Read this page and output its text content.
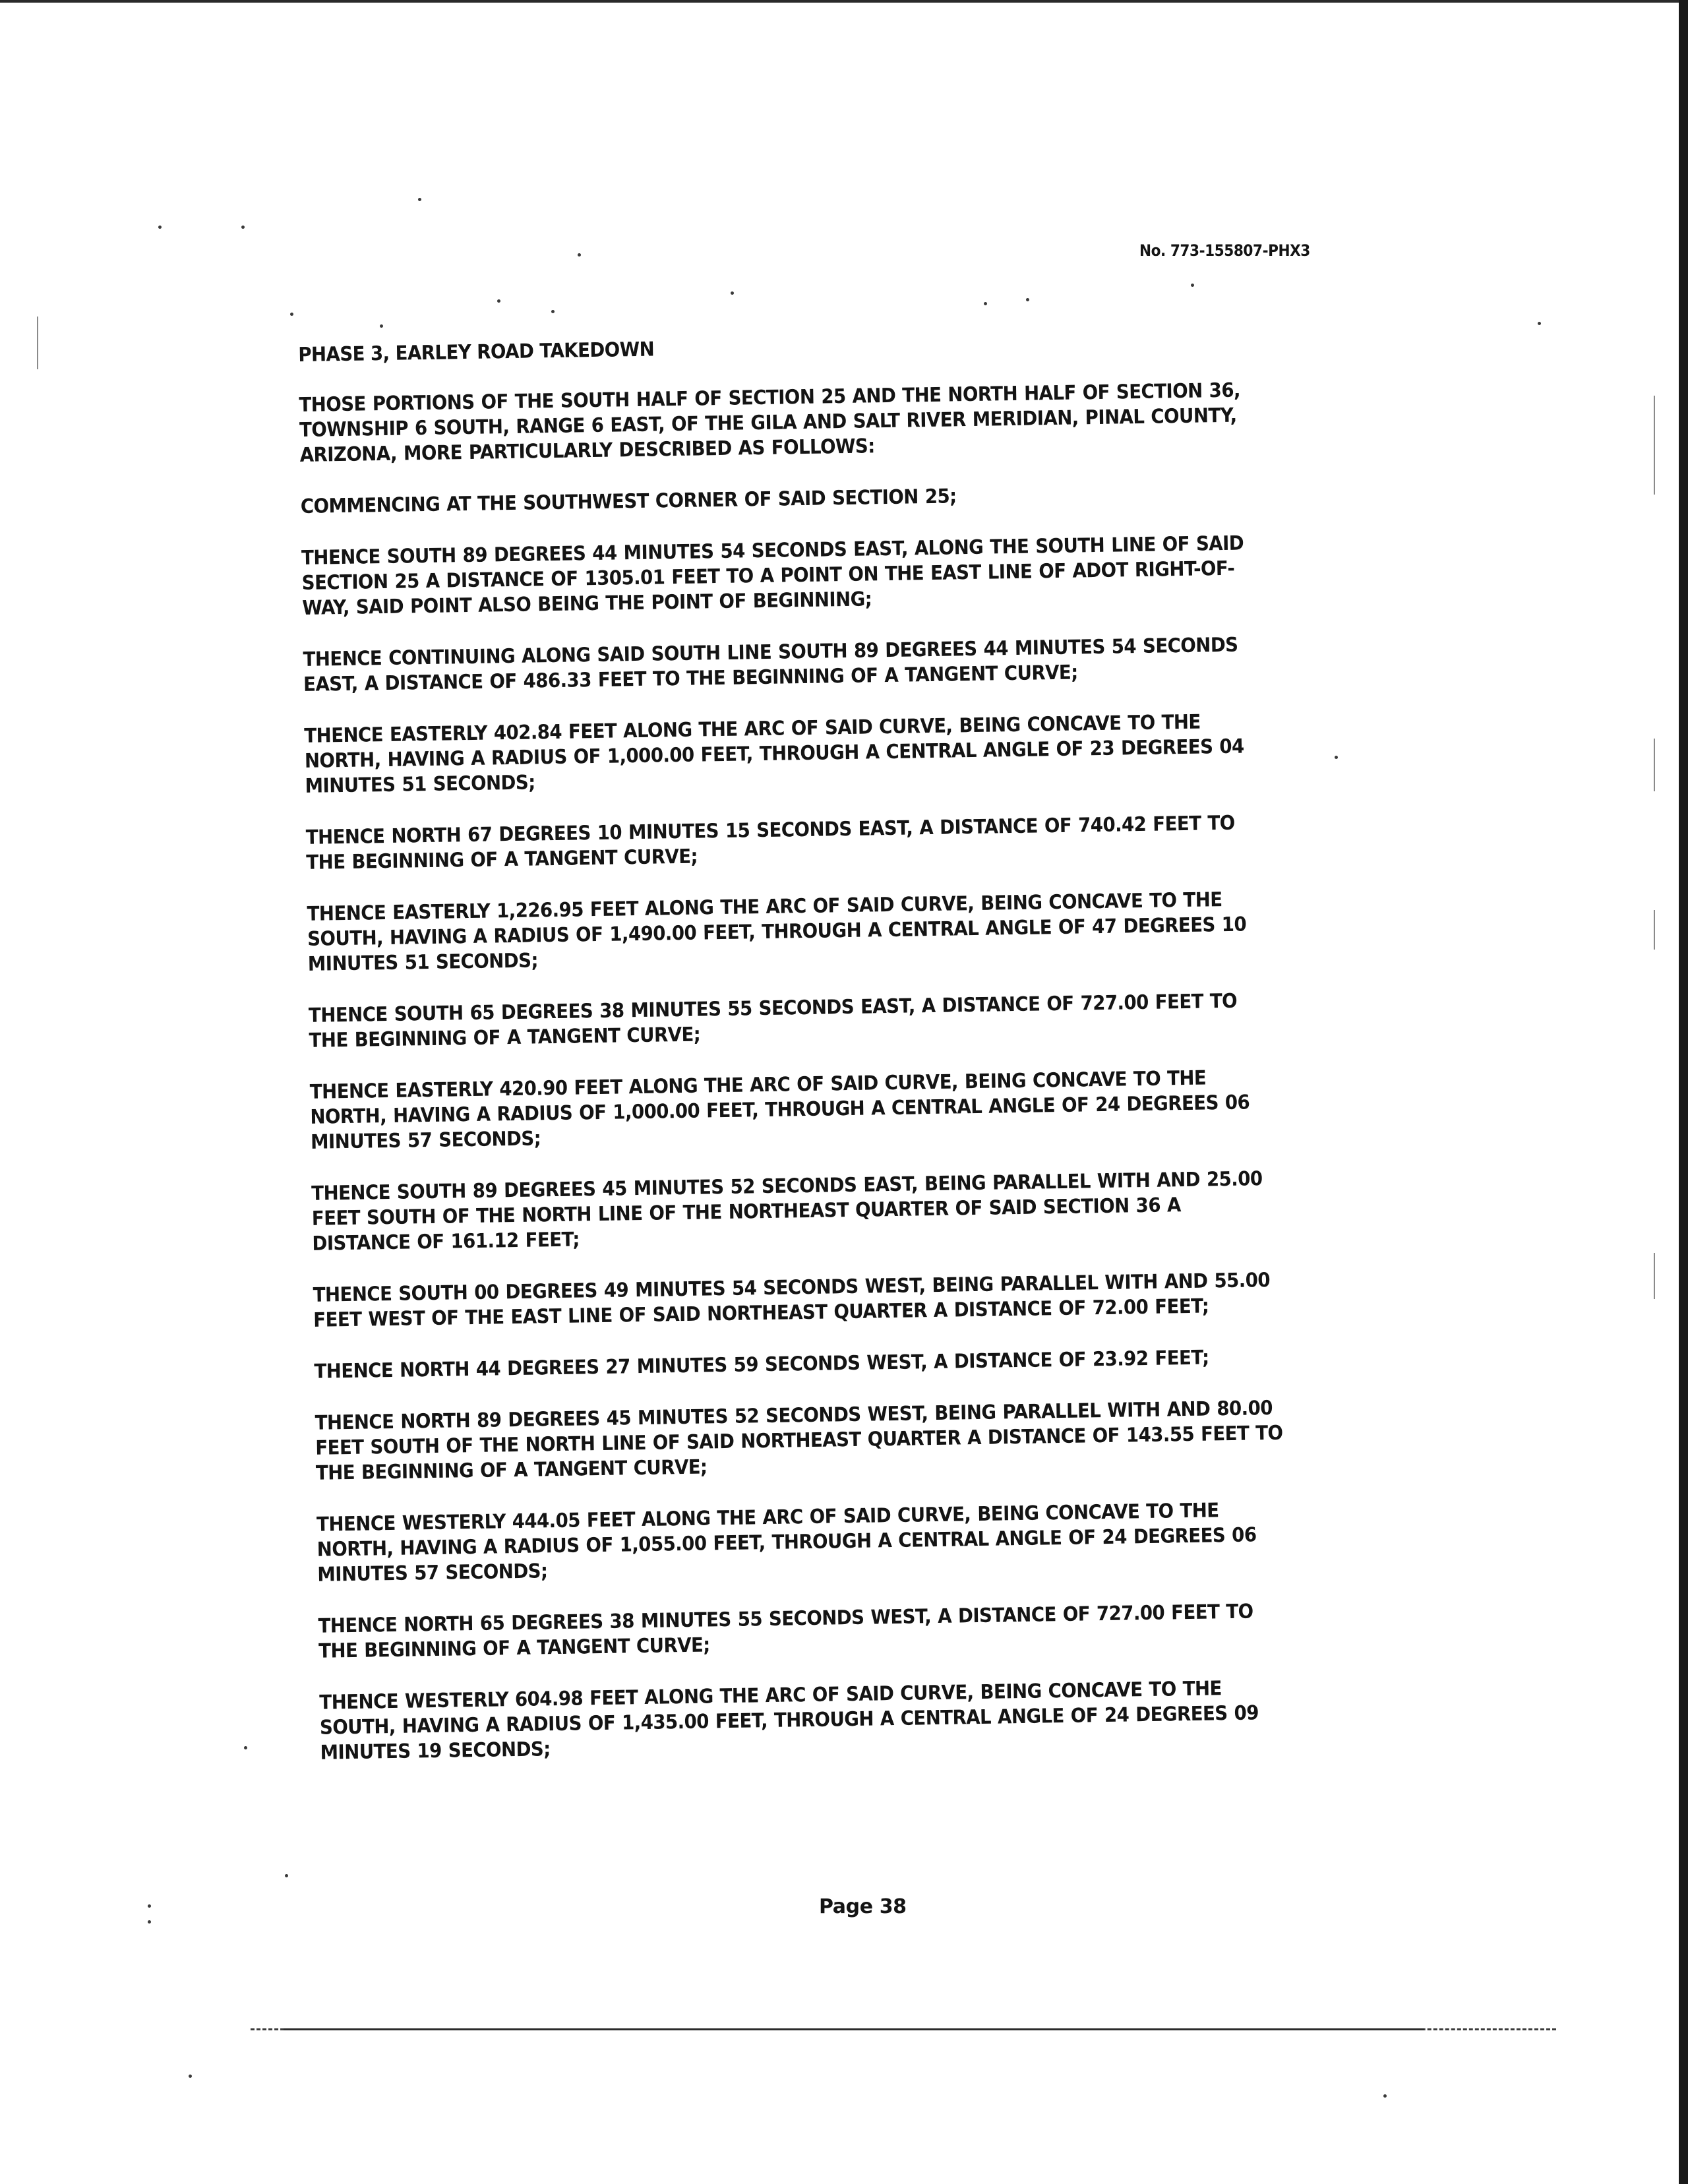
No. 773-155807-PHX3
PHASE 3, EARLEY ROAD TAKEDOWN
THOSE PORTIONS OF THE SOUTH HALF OF SECTION 25 AND THE NORTH HALF OF SECTION 36, TOWNSHIP 6 SOUTH, RANGE 6 EAST, OF THE GILA AND SALT RIVER MERIDIAN, PINAL COUNTY, ARIZONA, MORE PARTICULARLY DESCRIBED AS FOLLOWS:
COMMENCING AT THE SOUTHWEST CORNER OF SAID SECTION 25;
THENCE SOUTH 89 DEGREES 44 MINUTES 54 SECONDS EAST, ALONG THE SOUTH LINE OF SAID SECTION 25 A DISTANCE OF 1305.01 FEET TO A POINT ON THE EAST LINE OF ADOT RIGHT-OF- WAY, SAID POINT ALSO BEING THE POINT OF BEGINNING;
THENCE CONTINUING ALONG SAID SOUTH LINE SOUTH 89 DEGREES 44 MINUTES 54 SECONDS EAST, A DISTANCE OF 486.33 FEET TO THE BEGINNING OF A TANGENT CURVE;
THENCE EASTERLY 402.84 FEET ALONG THE ARC OF SAID CURVE, BEING CONCAVE TO THE NORTH, HAVING A RADIUS OF 1,000.00 FEET, THROUGH A CENTRAL ANGLE OF 23 DEGREES 04 MINUTES 51 SECONDS;
THENCE NORTH 67 DEGREES 10 MINUTES 15 SECONDS EAST, A DISTANCE OF 740.42 FEET TO THE BEGINNING OF A TANGENT CURVE;
THENCE EASTERLY 1,226.95 FEET ALONG THE ARC OF SAID CURVE, BEING CONCAVE TO THE SOUTH, HAVING A RADIUS OF 1,490.00 FEET, THROUGH A CENTRAL ANGLE OF 47 DEGREES 10 MINUTES 51 SECONDS;
THENCE SOUTH 65 DEGREES 38 MINUTES 55 SECONDS EAST, A DISTANCE OF 727.00 FEET TO THE BEGINNING OF A TANGENT CURVE;
THENCE EASTERLY 420.90 FEET ALONG THE ARC OF SAID CURVE, BEING CONCAVE TO THE NORTH, HAVING A RADIUS OF 1,000.00 FEET, THROUGH A CENTRAL ANGLE OF 24 DEGREES 06 MINUTES 57 SECONDS;
THENCE SOUTH 89 DEGREES 45 MINUTES 52 SECONDS EAST, BEING PARALLEL WITH AND 25.00 FEET SOUTH OF THE NORTH LINE OF THE NORTHEAST QUARTER OF SAID SECTION 36 A DISTANCE OF 161.12 FEET;
THENCE SOUTH 00 DEGREES 49 MINUTES 54 SECONDS WEST, BEING PARALLEL WITH AND 55.00 FEET WEST OF THE EAST LINE OF SAID NORTHEAST QUARTER A DISTANCE OF 72.00 FEET;
THENCE NORTH 44 DEGREES 27 MINUTES 59 SECONDS WEST, A DISTANCE OF 23.92 FEET;
THENCE NORTH 89 DEGREES 45 MINUTES 52 SECONDS WEST, BEING PARALLEL WITH AND 80.00 FEET SOUTH OF THE NORTH LINE OF SAID NORTHEAST QUARTER A DISTANCE OF 143.55 FEET TO THE BEGINNING OF A TANGENT CURVE;
THENCE WESTERLY 444.05 FEET ALONG THE ARC OF SAID CURVE, BEING CONCAVE TO THE NORTH, HAVING A RADIUS OF 1,055.00 FEET, THROUGH A CENTRAL ANGLE OF 24 DEGREES 06 MINUTES 57 SECONDS;
THENCE NORTH 65 DEGREES 38 MINUTES 55 SECONDS WEST, A DISTANCE OF 727.00 FEET TO THE BEGINNING OF A TANGENT CURVE;
THENCE WESTERLY 604.98 FEET ALONG THE ARC OF SAID CURVE, BEING CONCAVE TO THE SOUTH, HAVING A RADIUS OF 1,435.00 FEET, THROUGH A CENTRAL ANGLE OF 24 DEGREES 09 MINUTES 19 SECONDS;
Page 38
